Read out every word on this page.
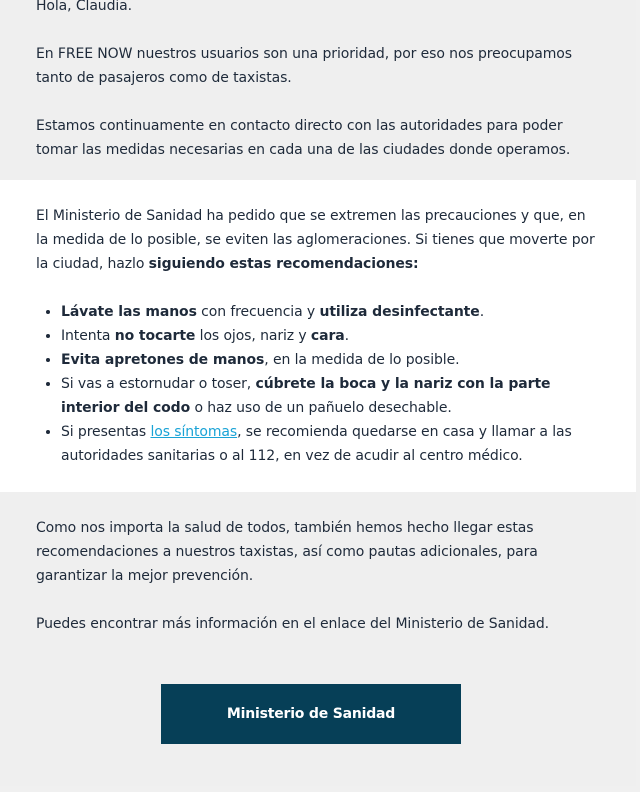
Hola, Claudia.

En FREE NOW nuestros usuarios son una prioridad, por eso nos preocupamos tanto de pasajeros como de taxistas.

Estamos continuamente en contacto directo con las autoridades para poder tomar las medidas necesarias en cada una de las ciudades donde operamos.

El Ministerio de Sanidad ha pedido que se extremen las precauciones y que, en la medida de lo posible, se eviten las aglomeraciones. Si tienes que moverte por la ciudad, hazlo siguiendo estas recomendaciones:

• Lávate las manos con frecuencia y utiliza desinfectante.
• Intenta no tocarte los ojos, nariz y cara.
• Evita apretones de manos, en la medida de lo posible.
• Si vas a estornudar o toser, cúbrete la boca y la nariz con la parte interior del codo o haz uso de un pañuelo desechable.
• Si presentas los síntomas, se recomienda quedarse en casa y llamar a las autoridades sanitarias o al 112, en vez de acudir al centro médico.

Como nos importa la salud de todos, también hemos hecho llegar estas recomendaciones a nuestros taxistas, así como pautas adicionales, para garantizar la mejor prevención.

Puedes encontrar más información en el enlace del Ministerio de Sanidad.

Ministerio de Sanidad
